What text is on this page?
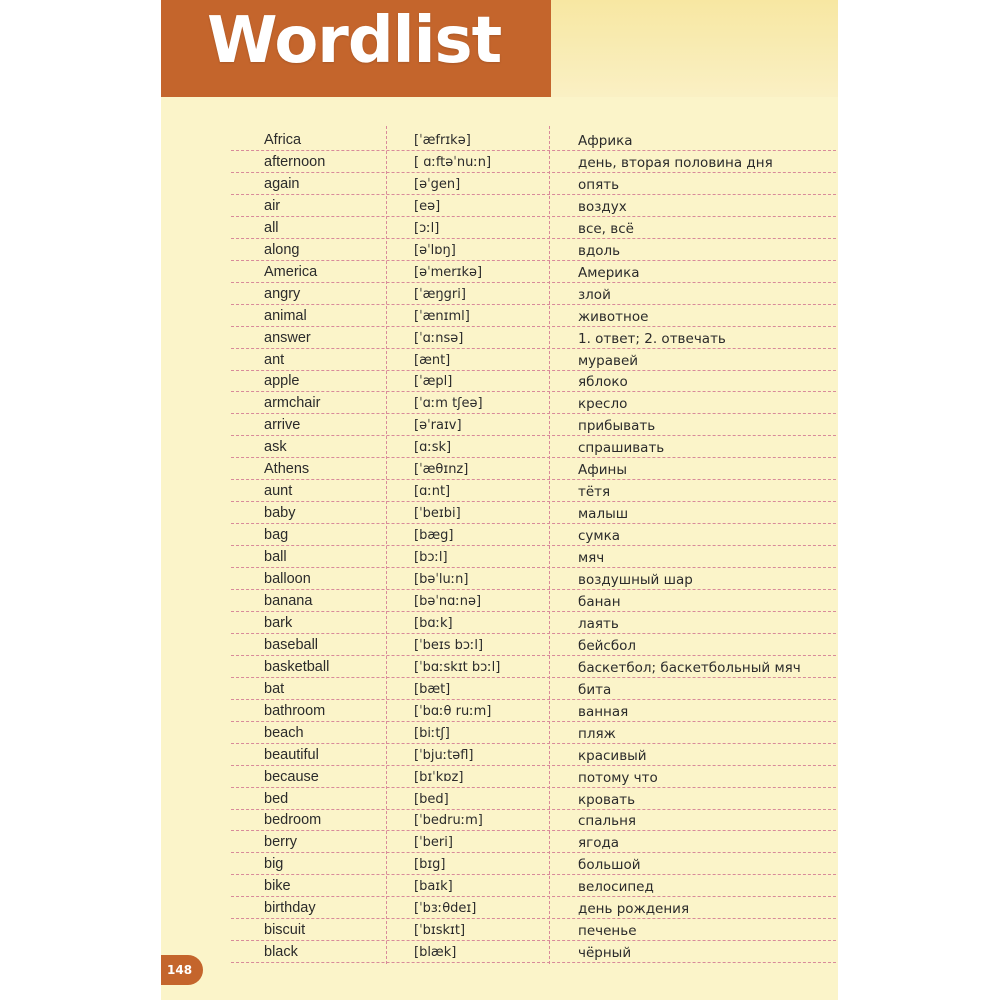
Wordlist
Africa	[ˈæfrɪkə]	Африка
afternoon	[ ɑːftəˈnuːn]	день, вторая половина дня
again	[əˈgen]	опять
air	[eə]	воздух
all	[ɔːl]	все, всё
along	[əˈlɒŋ]	вдоль
America	[əˈmerɪkə]	Америка
angry	[ˈæŋgri]	злой
animal	[ˈænɪml]	животное
answer	[ˈɑːnsə]	1. ответ; 2. отвечать
ant	[ænt]	муравей
apple	[ˈæpl]	яблоко
armchair	[ˈɑːm tʃeə]	кресло
arrive	[əˈraɪv]	прибывать
ask	[ɑːsk]	спрашивать
Athens	[ˈæθɪnz]	Афины
aunt	[ɑːnt]	тётя
baby	[ˈbeɪbi]	малыш
bag	[bæg]	сумка
ball	[bɔːl]	мяч
balloon	[bəˈluːn]	воздушный шар
banana	[bəˈnɑːnə]	банан
bark	[bɑːk]	лаять
baseball	[ˈbeɪs bɔːl]	бейсбол
basketball	[ˈbɑːskɪt bɔːl]	баскетбол; баскетбольный мяч
bat	[bæt]	бита
bathroom	[ˈbɑːθ ruːm]	ванная
beach	[biːtʃ]	пляж
beautiful	[ˈbjuːtəfl]	красивый
because	[bɪˈkɒz]	потому что
bed	[bed]	кровать
bedroom	[ˈbedruːm]	спальня
berry	[ˈberi]	ягода
big	[bɪg]	большой
bike	[baɪk]	велосипед
birthday	[ˈbɜːθdeɪ]	день рождения
biscuit	[ˈbɪskɪt]	печенье
black	[blæk]	чёрный
148
